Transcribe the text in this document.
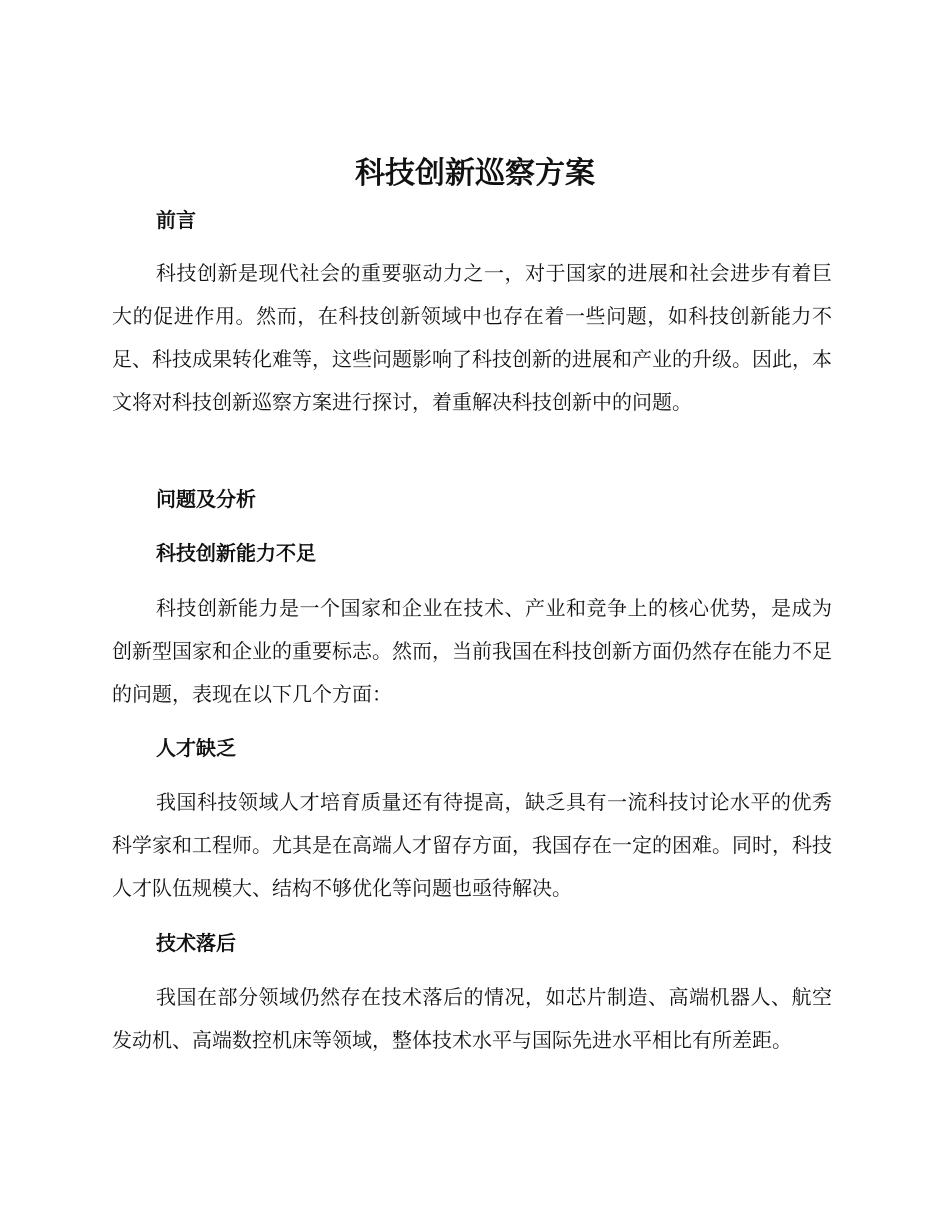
科技创新巡察方案
前言

科技创新是现代社会的重要驱动力之一，对于国家的进展和社会进步有着巨大的促进作用。然而，在科技创新领域中也存在着一些问题，如科技创新能力不足、科技成果转化难等，这些问题影响了科技创新的进展和产业的升级。因此，本文将对科技创新巡察方案进行探讨，着重解决科技创新中的问题。

问题及分析
科技创新能力不足

科技创新能力是一个国家和企业在技术、产业和竞争上的核心优势，是成为创新型国家和企业的重要标志。然而，当前我国在科技创新方面仍然存在能力不足的问题，表现在以下几个方面：

人才缺乏

我国科技领域人才培育质量还有待提高，缺乏具有一流科技讨论水平的优秀科学家和工程师。尤其是在高端人才留存方面，我国存在一定的困难。同时，科技人才队伍规模大、结构不够优化等问题也亟待解决。

技术落后

我国在部分领域仍然存在技术落后的情况，如芯片制造、高端机器人、航空发动机、高端数控机床等领域，整体技术水平与国际先进水平相比有所差距。
